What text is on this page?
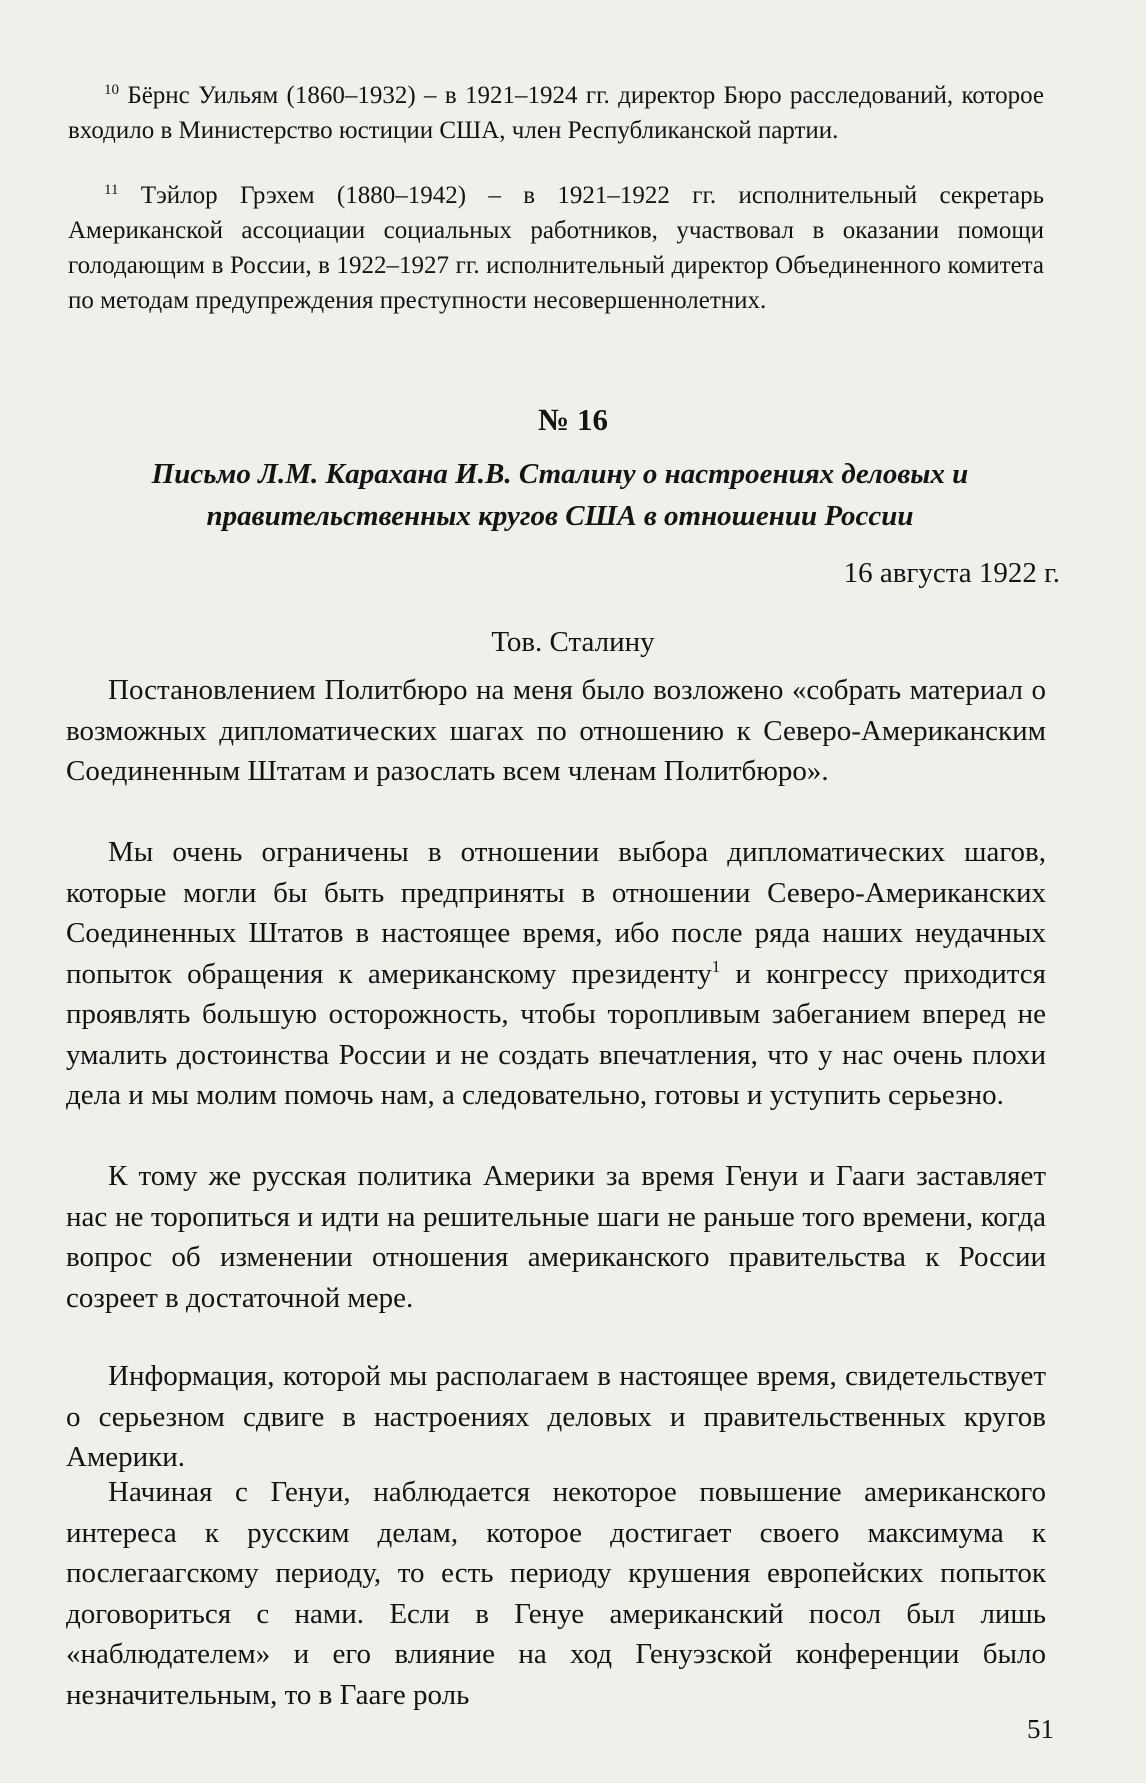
$^{10}$ Бёрнс Уильям (1860–1932) – в 1921–1924 гг. директор Бюро расследований, которое входило в Министерство юстиции США, член Республиканской партии.
$^{11}$ Тэйлор Грэхем (1880–1942) – в 1921–1922 гг. исполнительный секретарь Американской ассоциации социальных работников, участвовал в оказании помощи голодающим в России, в 1922–1927 гг. исполнительный директор Объединенного комитета по методам предупреждения преступности несовершеннолетних.
№ 16
Письмо Л.М. Карахана И.В. Сталину о настроениях деловых и правительственных кругов США в отношении России
16 августа 1922 г.
Тов. Сталину
Постановлением Политбюро на меня было возложено «собрать материал о возможных дипломатических шагах по отношению к Северо-Американским Соединенным Штатам и разослать всем членам Политбюро».
Мы очень ограничены в отношении выбора дипломатических шагов, которые могли бы быть предприняты в отношении Северо-Американских Соединенных Штатов в настоящее время, ибо после ряда наших неудачных попыток обращения к американскому президенту$^1$ и конгрессу приходится проявлять большую осторожность, чтобы торопливым забеганием вперед не умалить достоинства России и не создать впечатления, что у нас очень плохи дела и мы молим помочь нам, а следовательно, готовы и уступить серьезно.
К тому же русская политика Америки за время Генуи и Гааги заставляет нас не торопиться и идти на решительные шаги не раньше того времени, когда вопрос об изменении отношения американского правительства к России созреет в достаточной мере.
Информация, которой мы располагаем в настоящее время, свидетельствует о серьезном сдвиге в настроениях деловых и правительственных кругов Америки.
Начиная с Генуи, наблюдается некоторое повышение американского интереса к русским делам, которое достигает своего максимума к послегаагскому периоду, то есть периоду крушения европейских попыток договориться с нами. Если в Генуе американский посол был лишь «наблюдателем» и его влияние на ход Генуэзской конференции было незначительным, то в Гааге роль
51
